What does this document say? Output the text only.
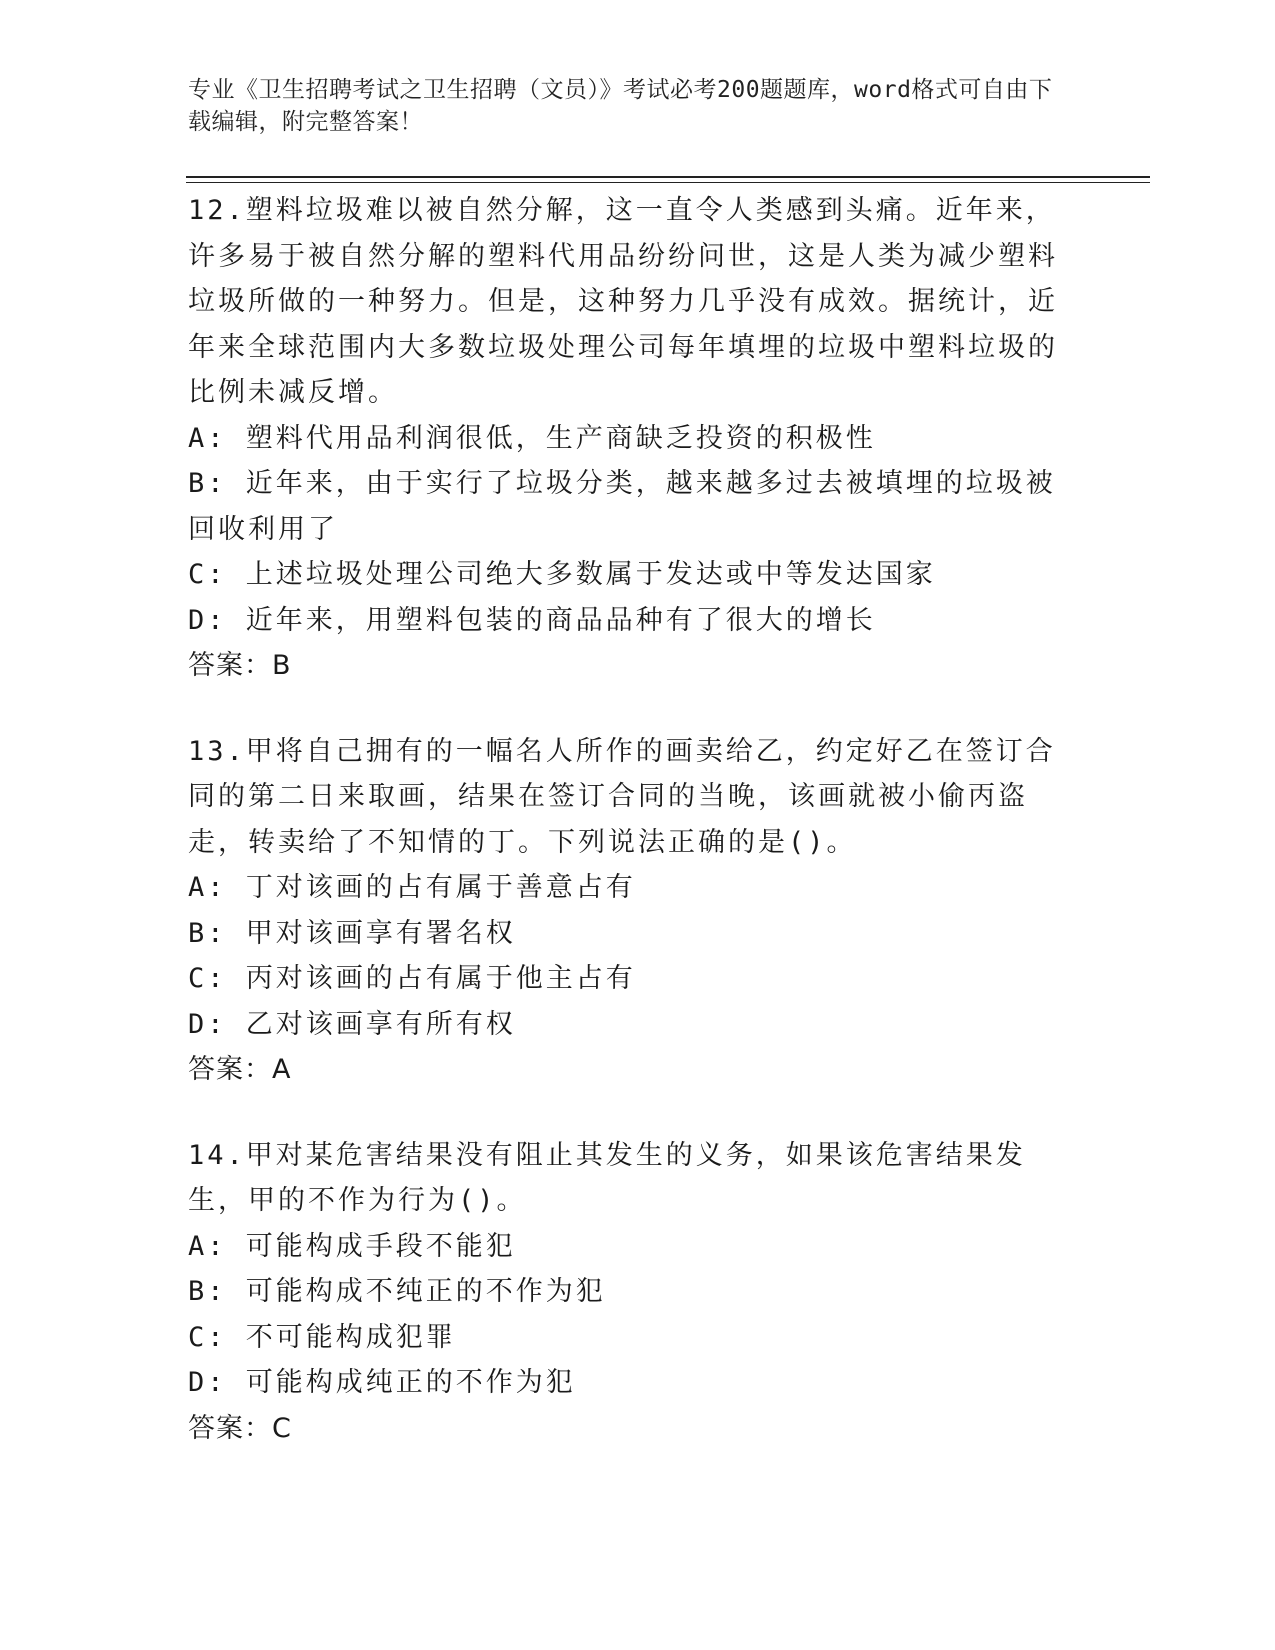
专业《卫生招聘考试之卫生招聘（文员）》考试必考200题题库，word格式可自由下载编辑，附完整答案！

12.塑料垃圾难以被自然分解，这一直令人类感到头痛。近年来，许多易于被自然分解的塑料代用品纷纷问世，这是人类为减少塑料垃圾所做的一种努力。但是，这种努力几乎没有成效。据统计，近年来全球范围内大多数垃圾处理公司每年填埋的垃圾中塑料垃圾的比例未减反增。

A: 塑料代用品利润很低，生产商缺乏投资的积极性

B: 近年来，由于实行了垃圾分类，越来越多过去被填埋的垃圾被回收利用了

C: 上述垃圾处理公司绝大多数属于发达或中等发达国家

D: 近年来，用塑料包装的商品品种有了很大的增长

答案：B

13.甲将自己拥有的一幅名人所作的画卖给乙，约定好乙在签订合同的第二日来取画，结果在签订合同的当晚，该画就被小偷丙盗走，转卖给了不知情的丁。下列说法正确的是()。

A: 丁对该画的占有属于善意占有

B: 甲对该画享有署名权

C: 丙对该画的占有属于他主占有

D: 乙对该画享有所有权

答案：A

14.甲对某危害结果没有阻止其发生的义务，如果该危害结果发生，甲的不作为行为()。

A: 可能构成手段不能犯

B: 可能构成不纯正的不作为犯

C: 不可能构成犯罪

D: 可能构成纯正的不作为犯

答案：C
